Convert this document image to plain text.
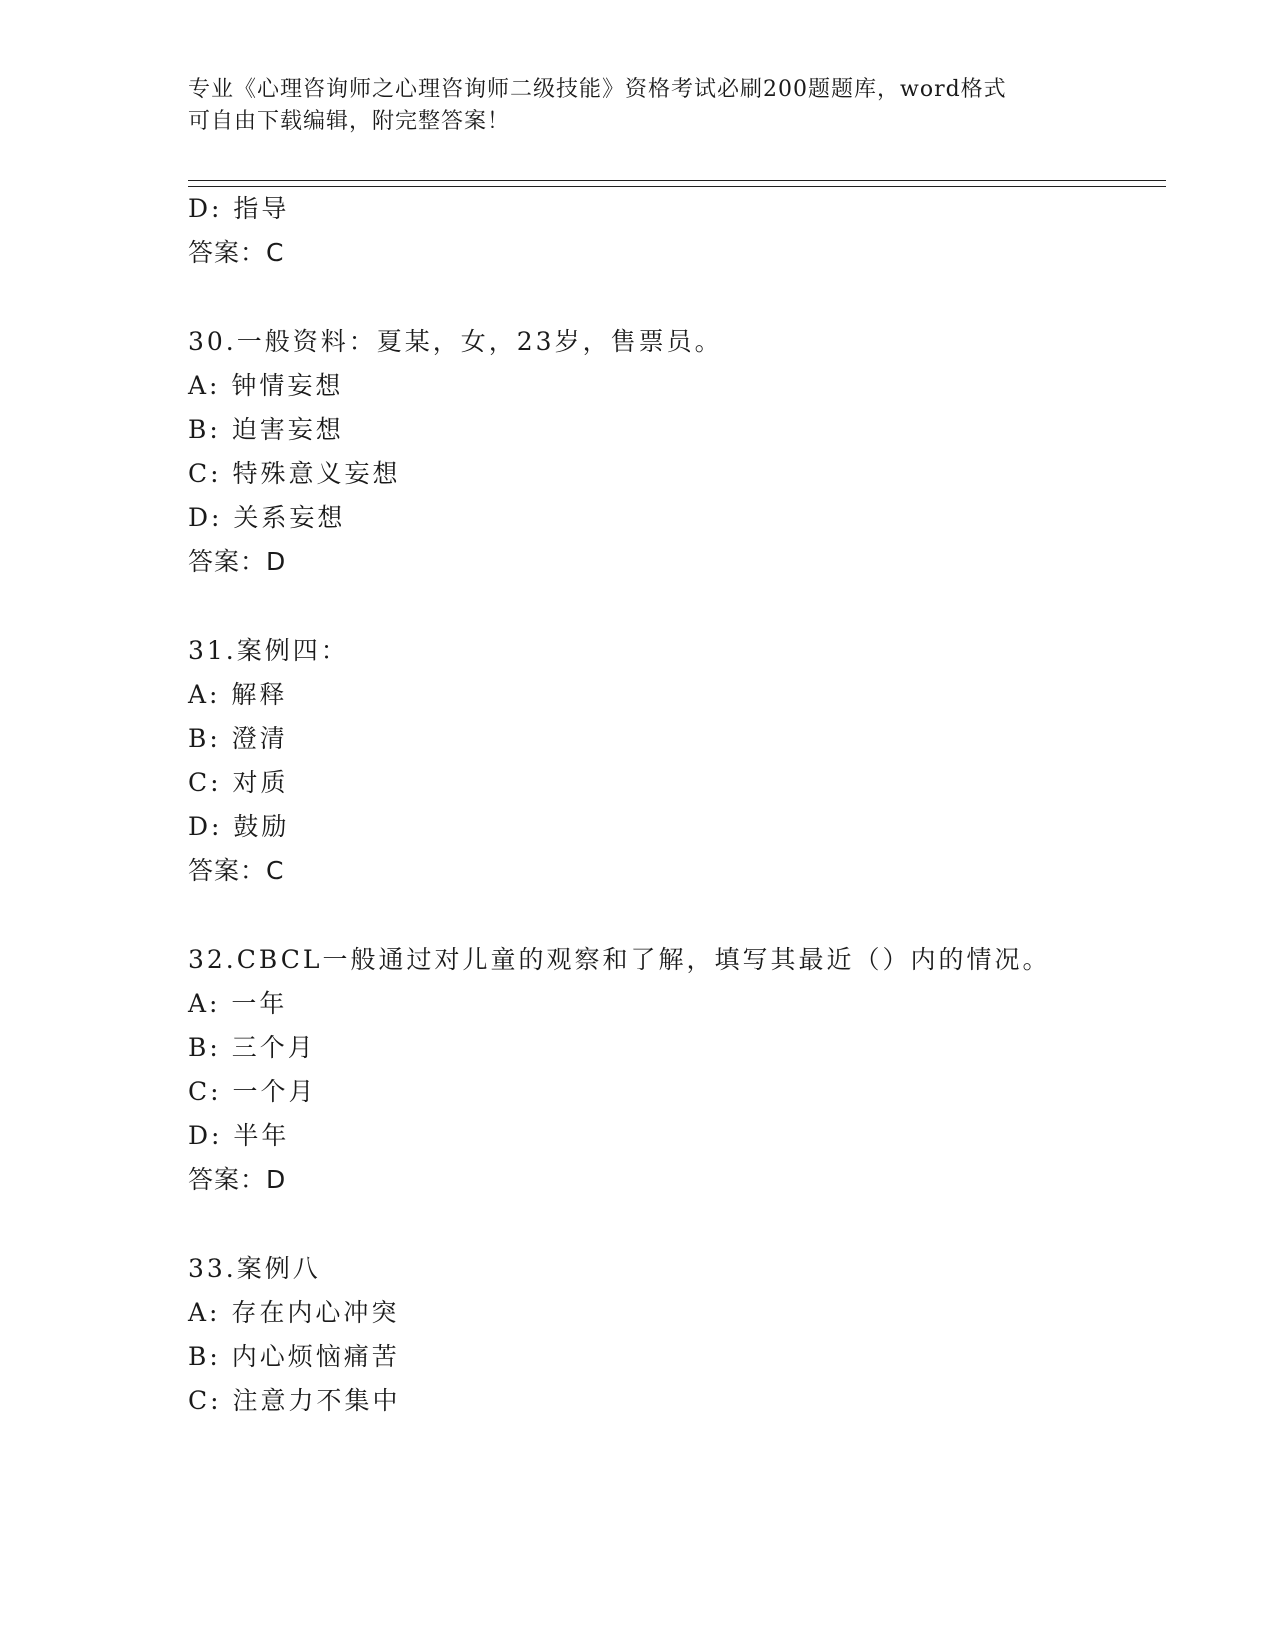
专业《心理咨询师之心理咨询师二级技能》资格考试必刷200题题库，word格式
可自由下载编辑，附完整答案！
D: 指导
答案：C
30.一般资料：夏某，女，23岁，售票员。
A: 钟情妄想
B: 迫害妄想
C: 特殊意义妄想
D: 关系妄想
答案：D
31.案例四：
A: 解释
B: 澄清
C: 对质
D: 鼓励
答案：C
32.CBCL一般通过对儿童的观察和了解，填写其最近（）内的情况。
A: 一年
B: 三个月
C: 一个月
D: 半年
答案：D
33.案例八
A: 存在内心冲突
B: 内心烦恼痛苦
C: 注意力不集中
